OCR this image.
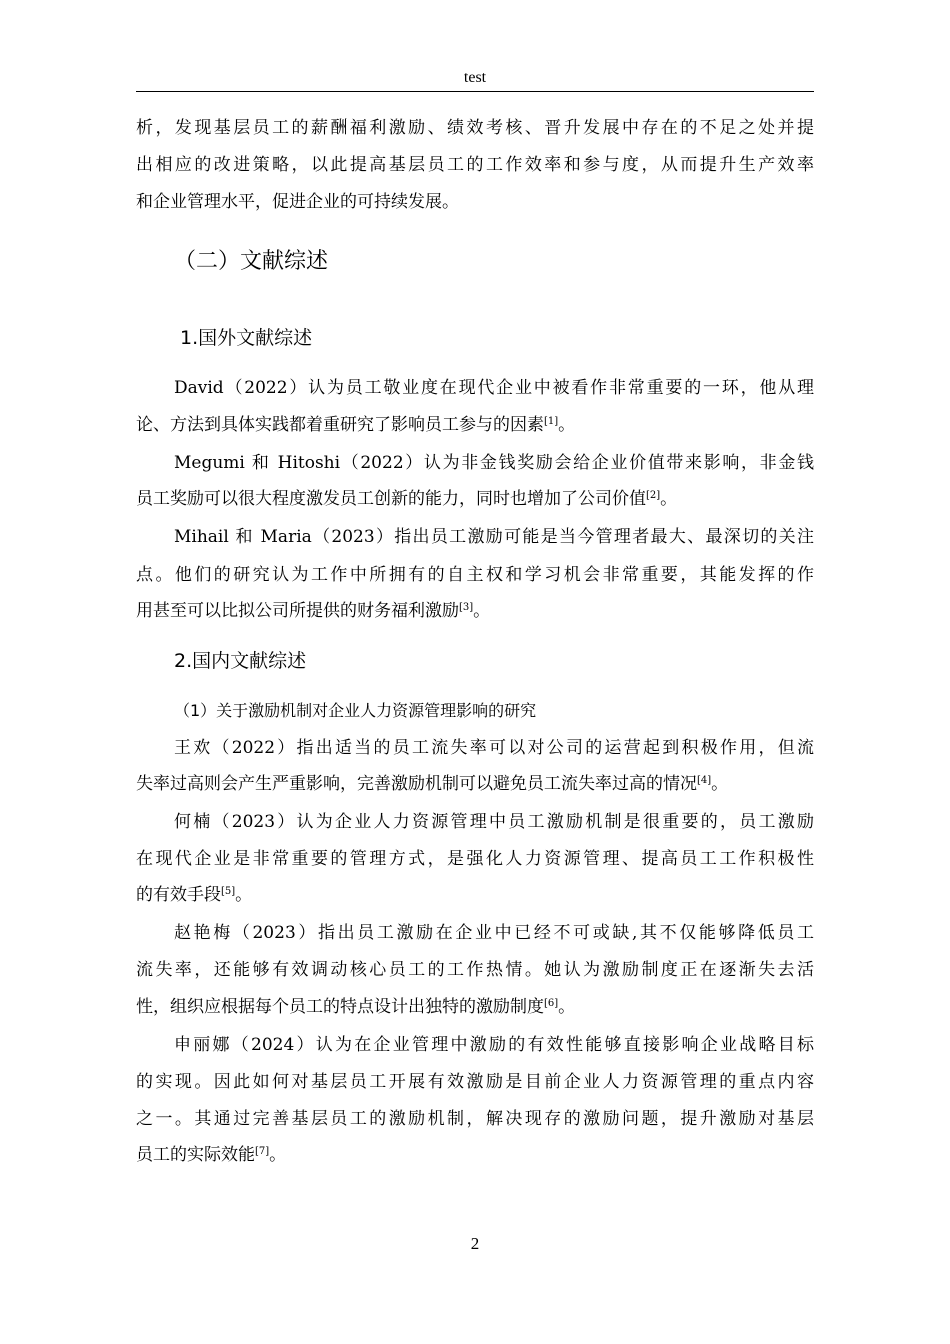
test
析，发现基层员工的薪酬福利激励、绩效考核、晋升发展中存在的不足之处并提
出相应的改进策略，以此提高基层员工的工作效率和参与度，从而提升生产效率
和企业管理水平，促进企业的可持续发展。
（二）文献综述
1.国外文献综述
David（2022）认为员工敬业度在现代企业中被看作非常重要的一环，他从理
论、方法到具体实践都着重研究了影响员工参与的因素[1]。
Megumi 和 Hitoshi（2022）认为非金钱奖励会给企业价值带来影响，非金钱
员工奖励可以很大程度激发员工创新的能力，同时也增加了公司价值[2]。
Mihail 和 Maria（2023）指出员工激励可能是当今管理者最大、最深切的关注
点。他们的研究认为工作中所拥有的自主权和学习机会非常重要，其能发挥的作
用甚至可以比拟公司所提供的财务福利激励[3]。
2.国内文献综述
（1）关于激励机制对企业人力资源管理影响的研究
王欢（2022）指出适当的员工流失率可以对公司的运营起到积极作用，但流
失率过高则会产生严重影响，完善激励机制可以避免员工流失率过高的情况[4]。
何楠（2023）认为企业人力资源管理中员工激励机制是很重要的，员工激励
在现代企业是非常重要的管理方式，是强化人力资源管理、提高员工工作积极性
的有效手段[5]。
赵艳梅（2023）指出员工激励在企业中已经不可或缺,其不仅能够降低员工
流失率，还能够有效调动核心员工的工作热情。她认为激励制度正在逐渐失去活
性，组织应根据每个员工的特点设计出独特的激励制度[6]。
申丽娜（2024）认为在企业管理中激励的有效性能够直接影响企业战略目标
的实现。因此如何对基层员工开展有效激励是目前企业人力资源管理的重点内容
之一。其通过完善基层员工的激励机制，解决现存的激励问题，提升激励对基层
员工的实际效能[7]。
2
